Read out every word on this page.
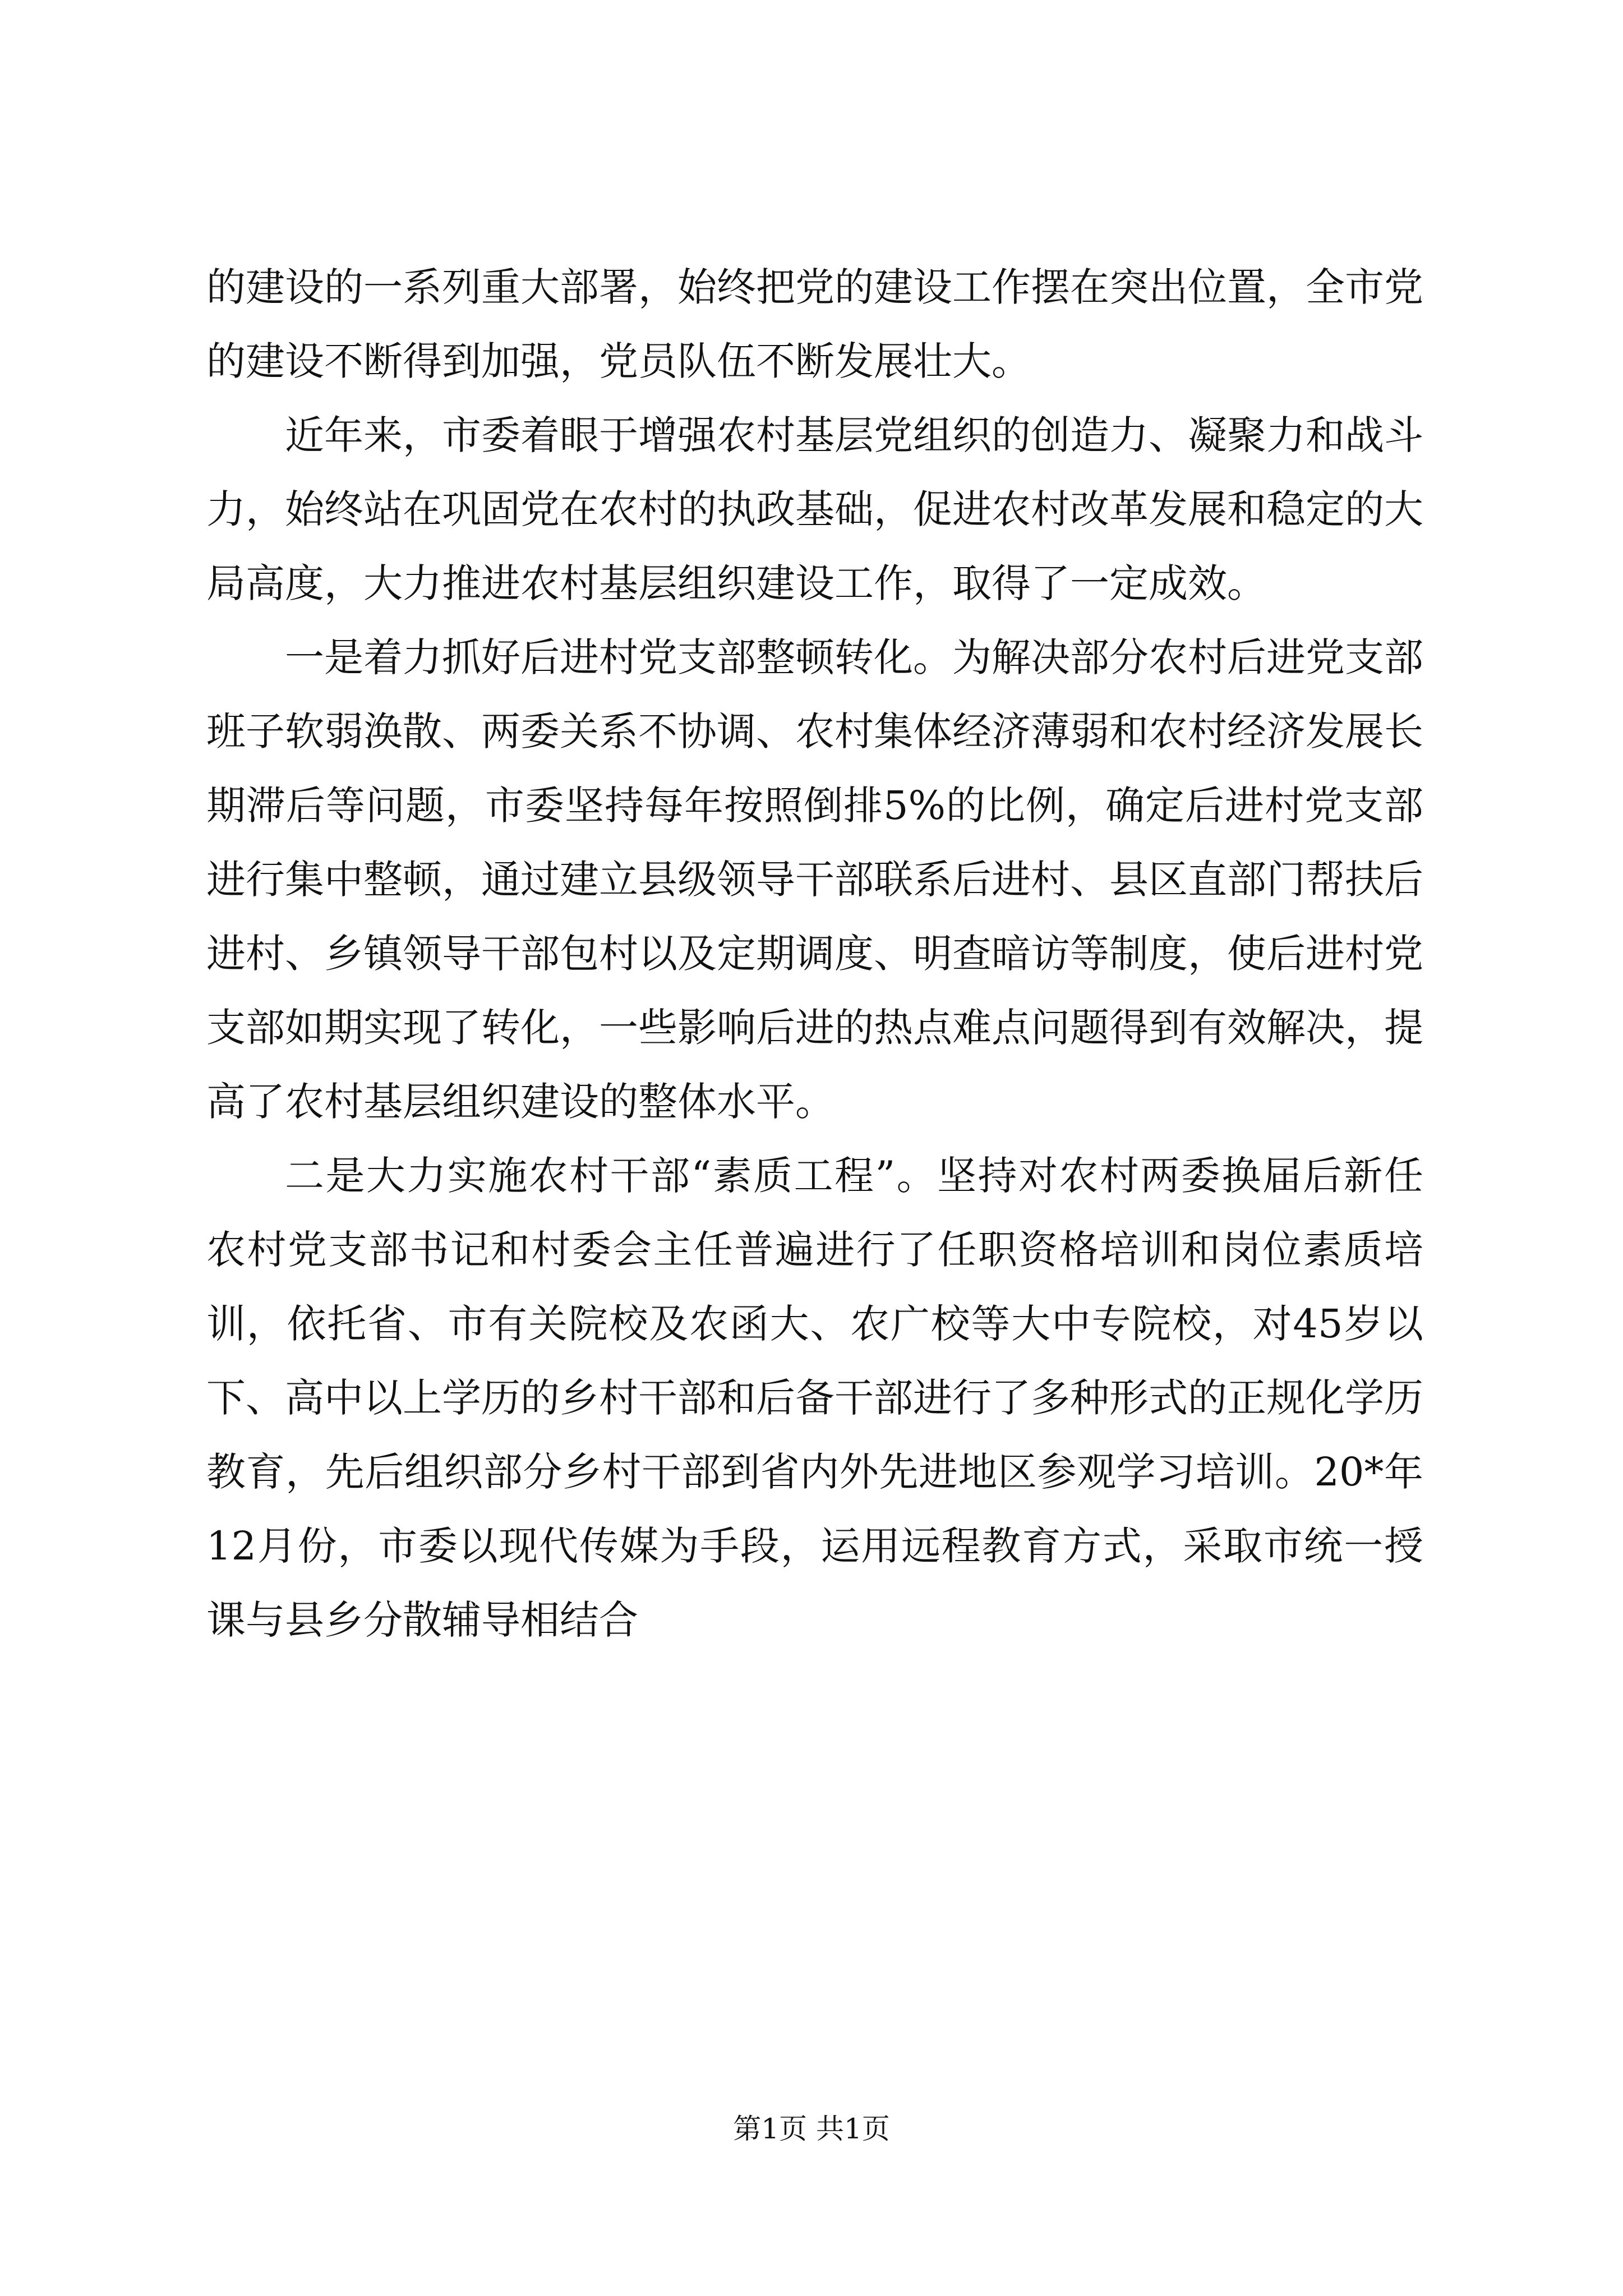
的建设的一系列重大部署，始终把党的建设工作摆在突出位置，全市党的建设不断得到加强，党员队伍不断发展壮大。

近年来，市委着眼于增强农村基层党组织的创造力、凝聚力和战斗力，始终站在巩固党在农村的执政基础，促进农村改革发展和稳定的大局高度，大力推进农村基层组织建设工作，取得了一定成效。

一是着力抓好后进村党支部整顿转化。为解决部分农村后进党支部班子软弱涣散、两委关系不协调、农村集体经济薄弱和农村经济发展长期滞后等问题，市委坚持每年按照倒排5%的比例，确定后进村党支部进行集中整顿，通过建立县级领导干部联系后进村、县区直部门帮扶后进村、乡镇领导干部包村以及定期调度、明查暗访等制度，使后进村党支部如期实现了转化，一些影响后进的热点难点问题得到有效解决，提高了农村基层组织建设的整体水平。

二是大力实施农村干部“素质工程”。坚持对农村两委换届后新任农村党支部书记和村委会主任普遍进行了任职资格培训和岗位素质培训，依托省、市有关院校及农函大、农广校等大中专院校，对45岁以下、高中以上学历的乡村干部和后备干部进行了多种形式的正规化学历教育，先后组织部分乡村干部到省内外先进地区参观学习培训。20*年12月份，市委以现代传媒为手段，运用远程教育方式，采取市统一授课与县乡分散辅导相结合

第1页 共1页
